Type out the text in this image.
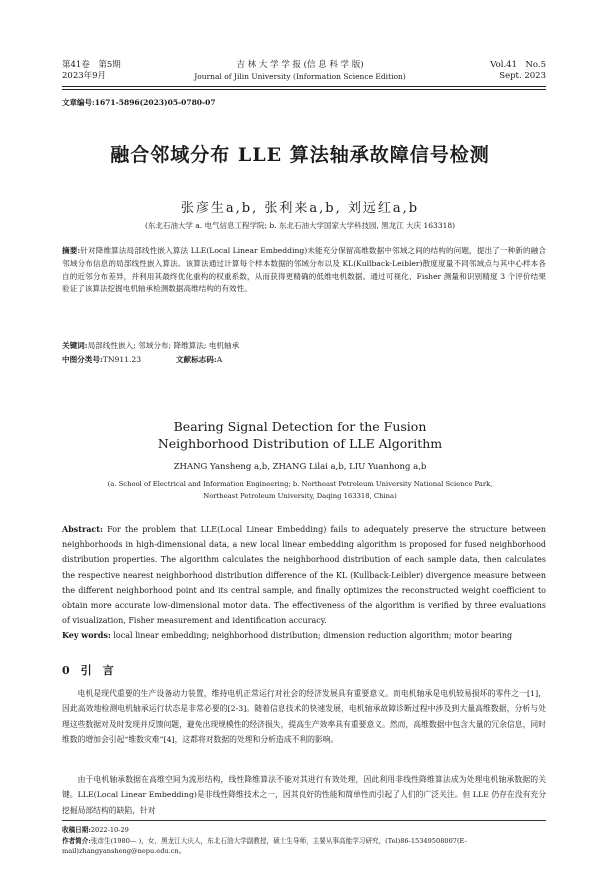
第41卷　第5期
2023年9月
吉 林 大 学 学 报 (信 息 科 学 版)
Journal of Jilin University (Information Science Edition)
Vol.41　No.5
Sept. 2023
文章编号:1671-5896(2023)05-0780-07
融合邻域分布 LLE 算法轴承故障信号检测
张彦生a,b, 张利来a,b, 刘远红a,b
(东北石油大学 a. 电气信息工程学院; b. 东北石油大学国家大学科技园, 黑龙江 大庆 163318)
摘要:针对降维算法局部线性嵌入算法 LLE(Local Linear Embedding)未能充分保留高维数据中邻域之间的结构的问题，提出了一种新的融合邻域分布信息的局部线性嵌入算法。该算法通过计算每个样本数据的邻域分布以及 KL(Kullback-Leibler)散度度量不同邻域点与其中心样本各自的近邻分布差异，并利用其最终优化重构的权重系数，从而获得更精确的低维电机数据。通过可视化、Fisher 测量和识别精度 3 个评价结果验证了该算法挖掘电机轴承检测数据高维结构的有效性。
关键词:局部线性嵌入; 邻域分布; 降维算法; 电机轴承
中图分类号:TN911.23	文献标志码:A
Bearing Signal Detection for the Fusion Neighborhood Distribution of LLE Algorithm
ZHANG Yansheng a,b, ZHANG Lilai a,b, LIU Yuanhong a,b
(a. School of Electrical and Information Engineering; b. Northeast Petroleum University National Science Park,
Northeast Petroleum University, Daqing 163318, China)
Abstract: For the problem that LLE(Local Linear Embedding) fails to adequately preserve the structure between neighborhoods in high-dimensional data, a new local linear embedding algorithm is proposed for fused neighborhood distribution properties. The algorithm calculates the neighborhood distribution of each sample data, then calculates the respective nearest neighborhood distribution difference of the KL (Kullback-Leibler) divergence measure between the different neighborhood point and its central sample, and finally optimizes the reconstructed weight coefficient to obtain more accurate low-dimensional motor data. The effectiveness of the algorithm is verified by three evaluations of visualization, Fisher measurement and identification accuracy.
Key words: local linear embedding; neighborhood distribution; dimension reduction algorithm; motor bearing
0　引　言
电机是现代重要的生产设备动力装置，维持电机正常运行对社会的经济发展具有重要意义。而电机轴承是电机较易损坏的零件之一[1]，因此高效地检测电机轴承运行状态是非常必要的[2-3]。随着信息技术的快速发展，电机轴承故障诊断过程中涉及到大量高维数据，分析与处理这些数据对及时发现并反馈问题，避免出现规模性的经济损失，提高生产效率具有重要意义。然而，高维数据中包含大量的冗余信息，同时维数的增加会引起“维数灾难”[4]，这都将对数据的处理和分析造成不利的影响。
由于电机轴承数据在高维空间为流形结构，线性降维算法不能对其进行有效处理，因此利用非线性降维算法成为处理电机轴承数据的关键。LLE(Local Linear Embedding)是非线性降维技术之一，因其良好的性能和简单性而引起了人们的广泛关注。但 LLE 仍存在没有充分挖掘局部结构的缺陷，针对
收稿日期:2022-10-29
作者简介:张彦生(1980— )，女，黑龙江大庆人，东北石油大学副教授，硕士生导师，主要从事高能学习研究，(Tel)86-15349508007(E-mail)zhangyansheng@nepu.edu.cn。
